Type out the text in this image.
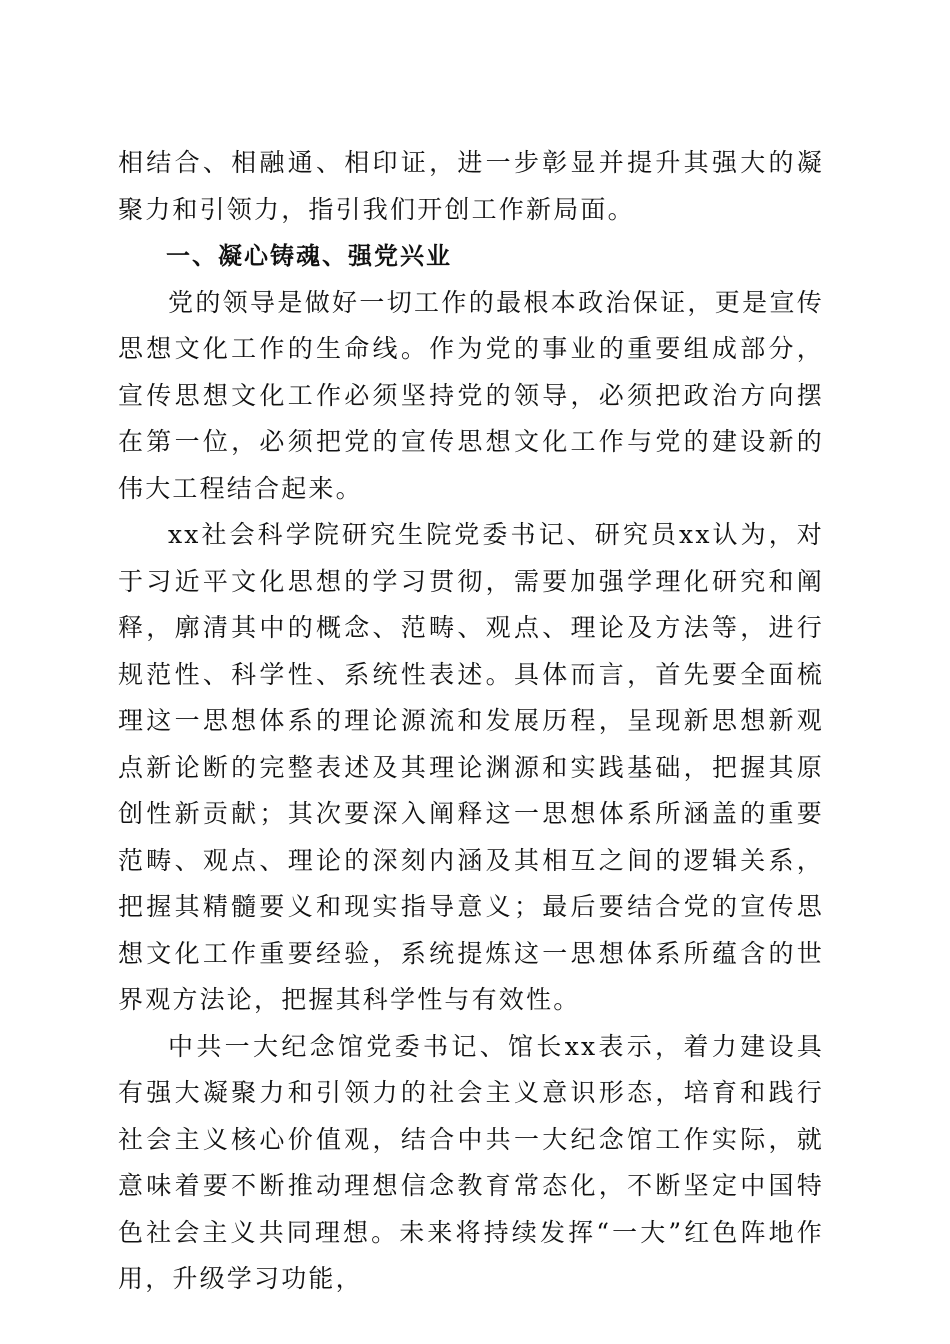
相结合、相融通、相印证，进一步彰显并提升其强大的凝聚力和引领力，指引我们开创工作新局面。

一、凝心铸魂、强党兴业

党的领导是做好一切工作的最根本政治保证，更是宣传思想文化工作的生命线。作为党的事业的重要组成部分，宣传思想文化工作必须坚持党的领导，必须把政治方向摆在第一位，必须把党的宣传思想文化工作与党的建设新的伟大工程结合起来。

xx社会科学院研究生院党委书记、研究员xx认为，对于习近平文化思想的学习贯彻，需要加强学理化研究和阐释，廓清其中的概念、范畴、观点、理论及方法等，进行规范性、科学性、系统性表述。具体而言，首先要全面梳理这一思想体系的理论源流和发展历程，呈现新思想新观点新论断的完整表述及其理论渊源和实践基础，把握其原创性新贡献；其次要深入阐释这一思想体系所涵盖的重要范畴、观点、理论的深刻内涵及其相互之间的逻辑关系，把握其精髓要义和现实指导意义；最后要结合党的宣传思想文化工作重要经验，系统提炼这一思想体系所蕴含的世界观方法论，把握其科学性与有效性。

中共一大纪念馆党委书记、馆长xx表示，着力建设具有强大凝聚力和引领力的社会主义意识形态，培育和践行社会主义核心价值观，结合中共一大纪念馆工作实际，就意味着要不断推动理想信念教育常态化，不断坚定中国特色社会主义共同理想。未来将持续发挥“一大”红色阵地作用，升级学习功能，
